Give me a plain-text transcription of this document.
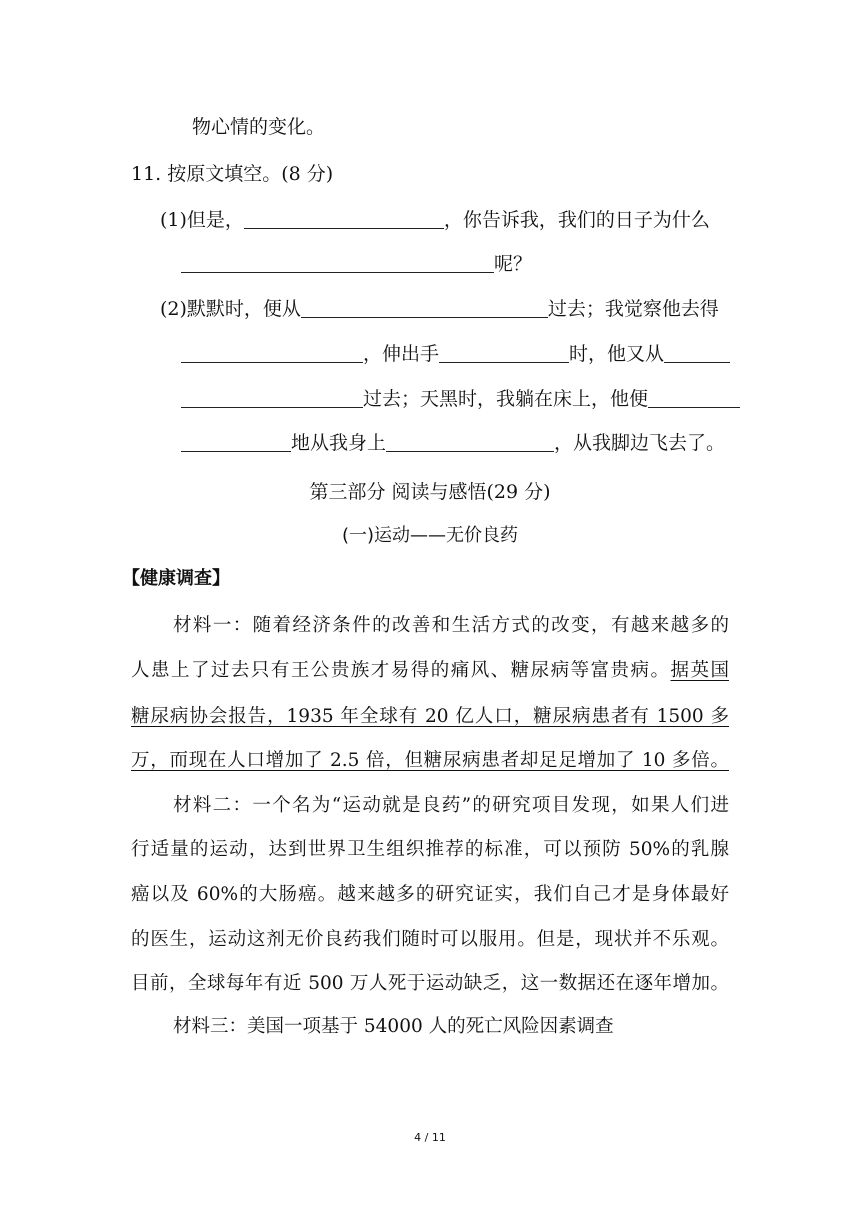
物心情的变化。
11. 按原文填空。(8 分)
(1)但是，	，你告诉我，我们的日子为什么
呢？
(2)默默时，便从	过去；我觉察他去得
，伸出手	时，他又从
过去；天黑时，我躺在床上，他便
地从我身上	，从我脚边飞去了。
第三部分 阅读与感悟(29 分)
(一)运动——无价良药
【健康调查】
材料一：随着经济条件的改善和生活方式的改变，有越来越多的
人患上了过去只有王公贵族才易得的痛风、糖尿病等富贵病。据英国
糖尿病协会报告，1935 年全球有 20 亿人口，糖尿病患者有 1500 多
万，而现在人口增加了 2.5 倍，但糖尿病患者却足足增加了 10 多倍。
材料二：一个名为“运动就是良药”的研究项目发现，如果人们进
行适量的运动，达到世界卫生组织推荐的标准，可以预防 50%的乳腺
癌以及 60%的大肠癌。越来越多的研究证实，我们自己才是身体最好
的医生，运动这剂无价良药我们随时可以服用。但是，现状并不乐观。
目前，全球每年有近 500 万人死于运动缺乏，这一数据还在逐年增加。
材料三：美国一项基于 54000 人的死亡风险因素调查
4 / 11
